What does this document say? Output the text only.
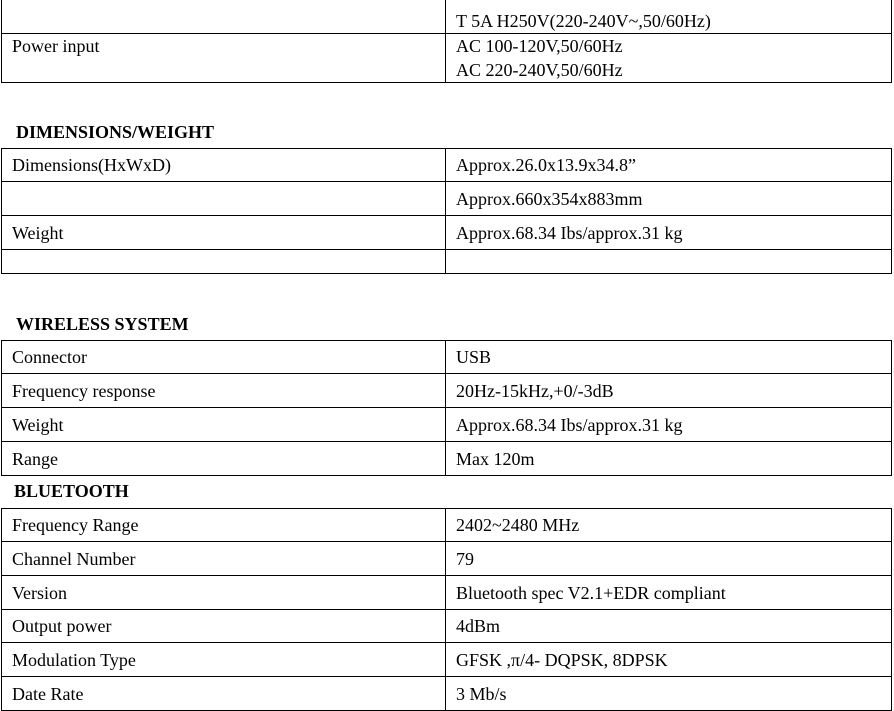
	T 5A H250V(220-240V~,50/60Hz)
Power input	AC 100-120V,50/60Hz
AC 220-240V,50/60Hz
DIMENSIONS/WEIGHT
Dimensions(HxWxD)	Approx.26.0x13.9x34.8”
	Approx.660x354x883mm
Weight	Approx.68.34 Ibs/approx.31 kg

WIRELESS SYSTEM
Connector	USB
Frequency response	20Hz-15kHz,+0/-3dB
Weight	Approx.68.34 Ibs/approx.31 kg
Range	Max 120m
BLUETOOTH
Frequency Range	2402~2480 MHz
Channel Number	79
Version	Bluetooth spec V2.1+EDR compliant
Output power	4dBm
Modulation Type	GFSK ,π/4- DQPSK, 8DPSK
Date Rate	3 Mb/s
